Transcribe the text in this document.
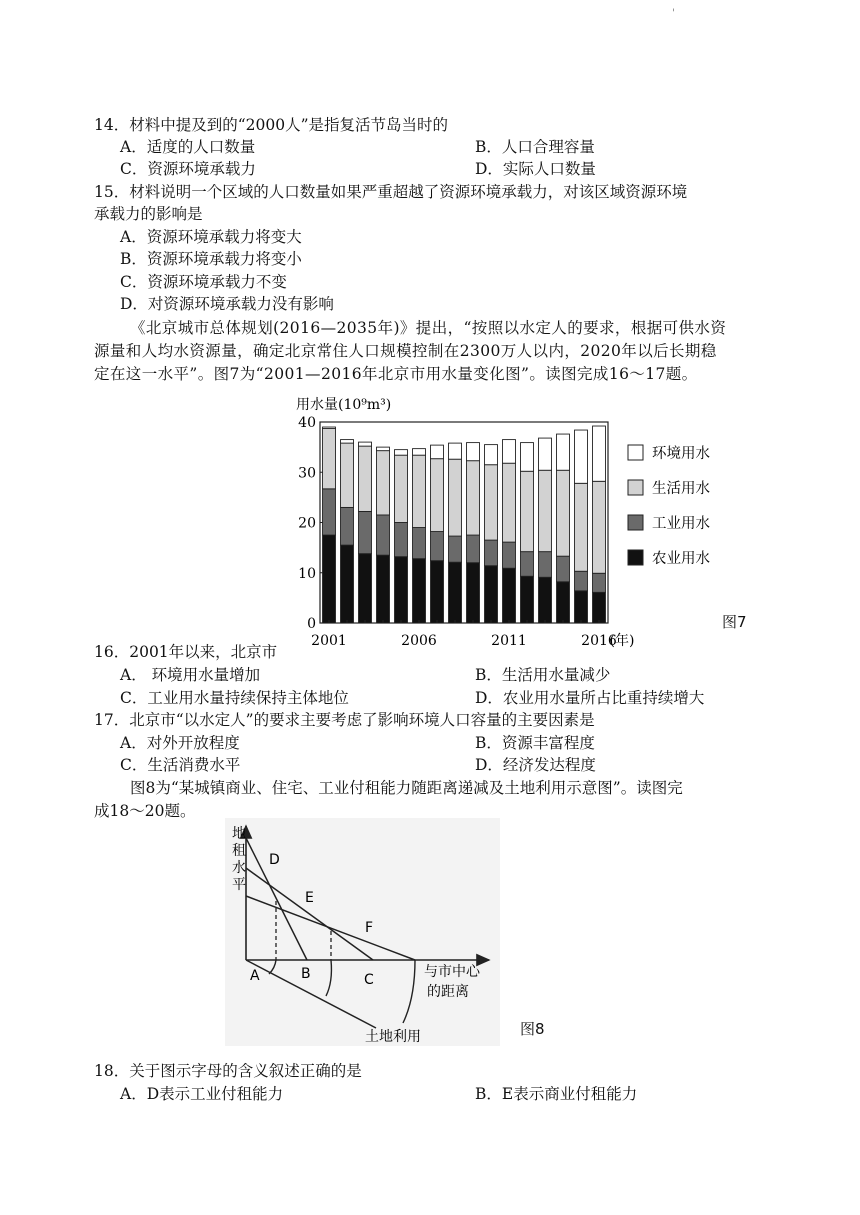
'
14．材料中提及到的“2000人”是指复活节岛当时的
A．适度的人口数量	B．人口合理容量
C．资源环境承载力	D．实际人口数量
15．材料说明一个区域的人口数量如果严重超越了资源环境承载力，对该区域资源环境
承载力的影响是
A．资源环境承载力将变大
B．资源环境承载力将变小
C．资源环境承载力不变
D．对资源环境承载力没有影响
《北京城市总体规划(2016—2035年)》提出，“按照以水定人的要求，根据可供水资
源量和人均水资源量，确定北京常住人口规模控制在2300万人以内，2020年以后长期稳
定在这一水平”。图7为“2001—2016年北京市用水量变化图”。读图完成16～17题。
0
10
20
30
40
用水量(10⁹m³)
2001	2006	2011	2016
(年)
环境用水
生活用水
工业用水
农业用水
图7
16．2001年以来，北京市
A． 环境用水量增加	B．生活用水量减少
C．工业用水量持续保持主体地位	D．农业用水量所占比重持续增大
17．北京市“以水定人”的要求主要考虑了影响环境人口容量的主要因素是
A．对外开放程度	B．资源丰富程度
C．生活消费水平	D．经济发达程度
图8为“某城镇商业、住宅、工业付租能力随距离递减及土地利用示意图”。读图完
成18～20题。
地
租
水
平
D
E
F
A	B	C	与市中心
的距离
土地利用	图8
18．关于图示字母的含义叙述正确的是
A．D表示工业付租能力	B．E表示商业付租能力
